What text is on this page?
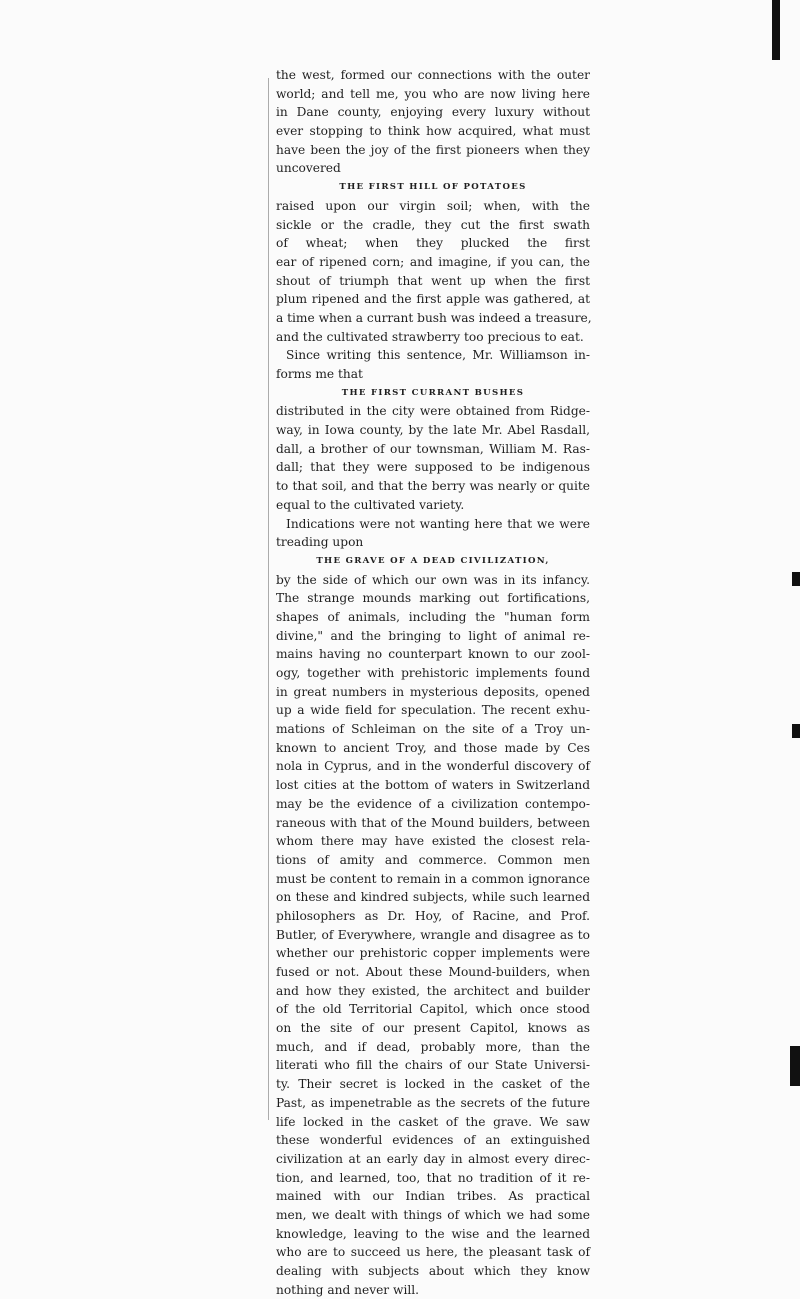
the west, formed our connections with the outer
world; and tell me, you who are now living here
in Dane county, enjoying every luxury without
ever stopping to think how acquired, what must
have been the joy of the first pioneers when they
uncovered
THE FIRST HILL OF POTATOES
raised upon our virgin soil; when, with the
sickle or the cradle, they cut the first swath
of wheat; when they plucked the first
ear of ripened corn; and imagine, if you can, the
shout of triumph that went up when the first
plum ripened and the first apple was gathered, at
a time when a currant bush was indeed a treasure,
and the cultivated strawberry too precious to eat.
Since writing this sentence, Mr. Williamson in-
forms me that
THE FIRST CURRANT BUSHES
distributed in the city were obtained from Ridge-
way, in Iowa county, by the late Mr. Abel Rasdall,
dall, a brother of our townsman, William M. Ras-
dall; that they were supposed to be indigenous
to that soil, and that the berry was nearly or quite
equal to the cultivated variety.
Indications were not wanting here that we were
treading upon
THE GRAVE OF A DEAD CIVILIZATION,
by the side of which our own was in its infancy.
The strange mounds marking out fortifications,
shapes of animals, including the "human form
divine," and the bringing to light of animal re-
mains having no counterpart known to our zool-
ogy, together with prehistoric implements found
in great numbers in mysterious deposits, opened
up a wide field for speculation. The recent exhu-
mations of Schleiman on the site of a Troy un-
known to ancient Troy, and those made by Ces
nola in Cyprus, and in the wonderful discovery of
lost cities at the bottom of waters in Switzerland
may be the evidence of a civilization contempo-
raneous with that of the Mound builders, between
whom there may have existed the closest rela-
tions of amity and commerce. Common men
must be content to remain in a common ignorance
on these and kindred subjects, while such learned
philosophers as Dr. Hoy, of Racine, and Prof.
Butler, of Everywhere, wrangle and disagree as to
whether our prehistoric copper implements were
fused or not. About these Mound-builders, when
and how they existed, the architect and builder
of the old Territorial Capitol, which once stood
on the site of our present Capitol, knows as
much, and if dead, probably more, than the
literati who fill the chairs of our State Universi-
ty. Their secret is locked in the casket of the
Past, as impenetrable as the secrets of the future
life locked in the casket of the grave. We saw
these wonderful evidences of an extinguished
civilization at an early day in almost every direc-
tion, and learned, too, that no tradition of it re-
mained with our Indian tribes. As practical
men, we dealt with things of which we had some
knowledge, leaving to the wise and the learned
who are to succeed us here, the pleasant task of
dealing with subjects about which they know
nothing and never will.
